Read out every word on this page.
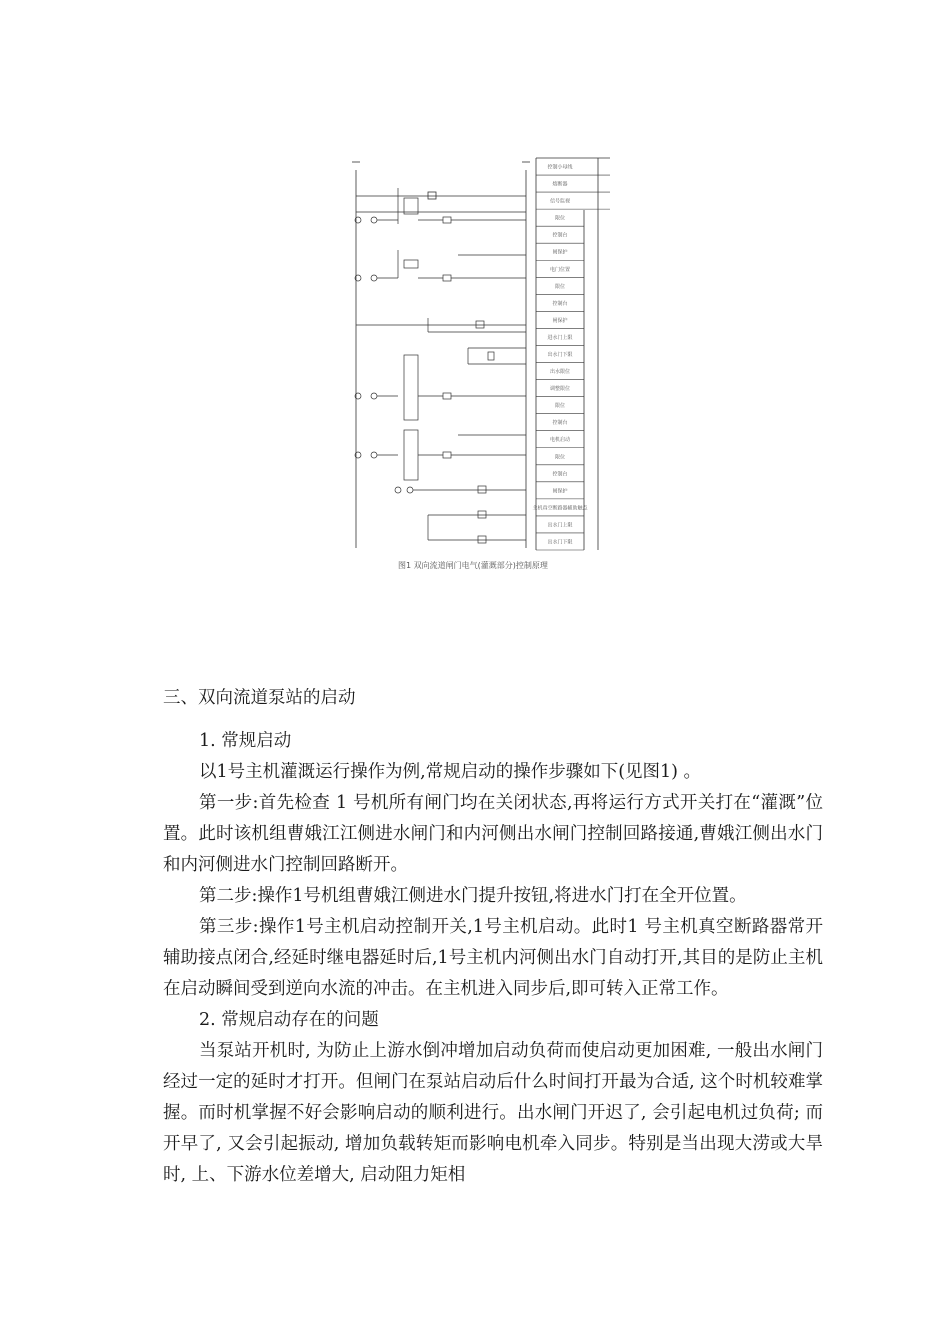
控制小母线
熔断器
信号监视
限位
控制台
闸保护
电门位置
限位
控制台
闸保护
进水门上限
出水门下限
出水限位
调整限位
限位
控制台
电机启动
限位
控制台
闸保护
主机真空断路器辅助触点
出水门上限
出水门下限
图1 双向流道闸门电气(灌溉部分)控制原理
三、双向流道泵站的启动

1. 常规启动

以1号主机灌溉运行操作为例,常规启动的操作步骤如下(见图1) 。

第一步:首先检查 1 号机所有闸门均在关闭状态,再将运行方式开关打在“灌溉”位置。此时该机组曹娥江江侧进水闸门和内河侧出水闸门控制回路接通,曹娥江侧出水门和内河侧进水门控制回路断开。

第二步:操作1号机组曹娥江侧进水门提升按钮,将进水门打在全开位置。

第三步:操作1号主机启动控制开关,1号主机启动。此时1 号主机真空断路器常开辅助接点闭合,经延时继电器延时后,1号主机内河侧出水门自动打开,其目的是防止主机在启动瞬间受到逆向水流的冲击。在主机进入同步后,即可转入正常工作。

2. 常规启动存在的问题

当泵站开机时, 为防止上游水倒冲增加启动负荷而使启动更加困难, 一般出水闸门经过一定的延时才打开。但闸门在泵站启动后什么时间打开最为合适, 这个时机较难掌握。而时机掌握不好会影响启动的顺利进行。出水闸门开迟了, 会引起电机过负荷; 而开早了, 又会引起振动, 增加负载转矩而影响电机牵入同步。特别是当出现大涝或大旱时, 上、下游水位差增大, 启动阻力矩相
